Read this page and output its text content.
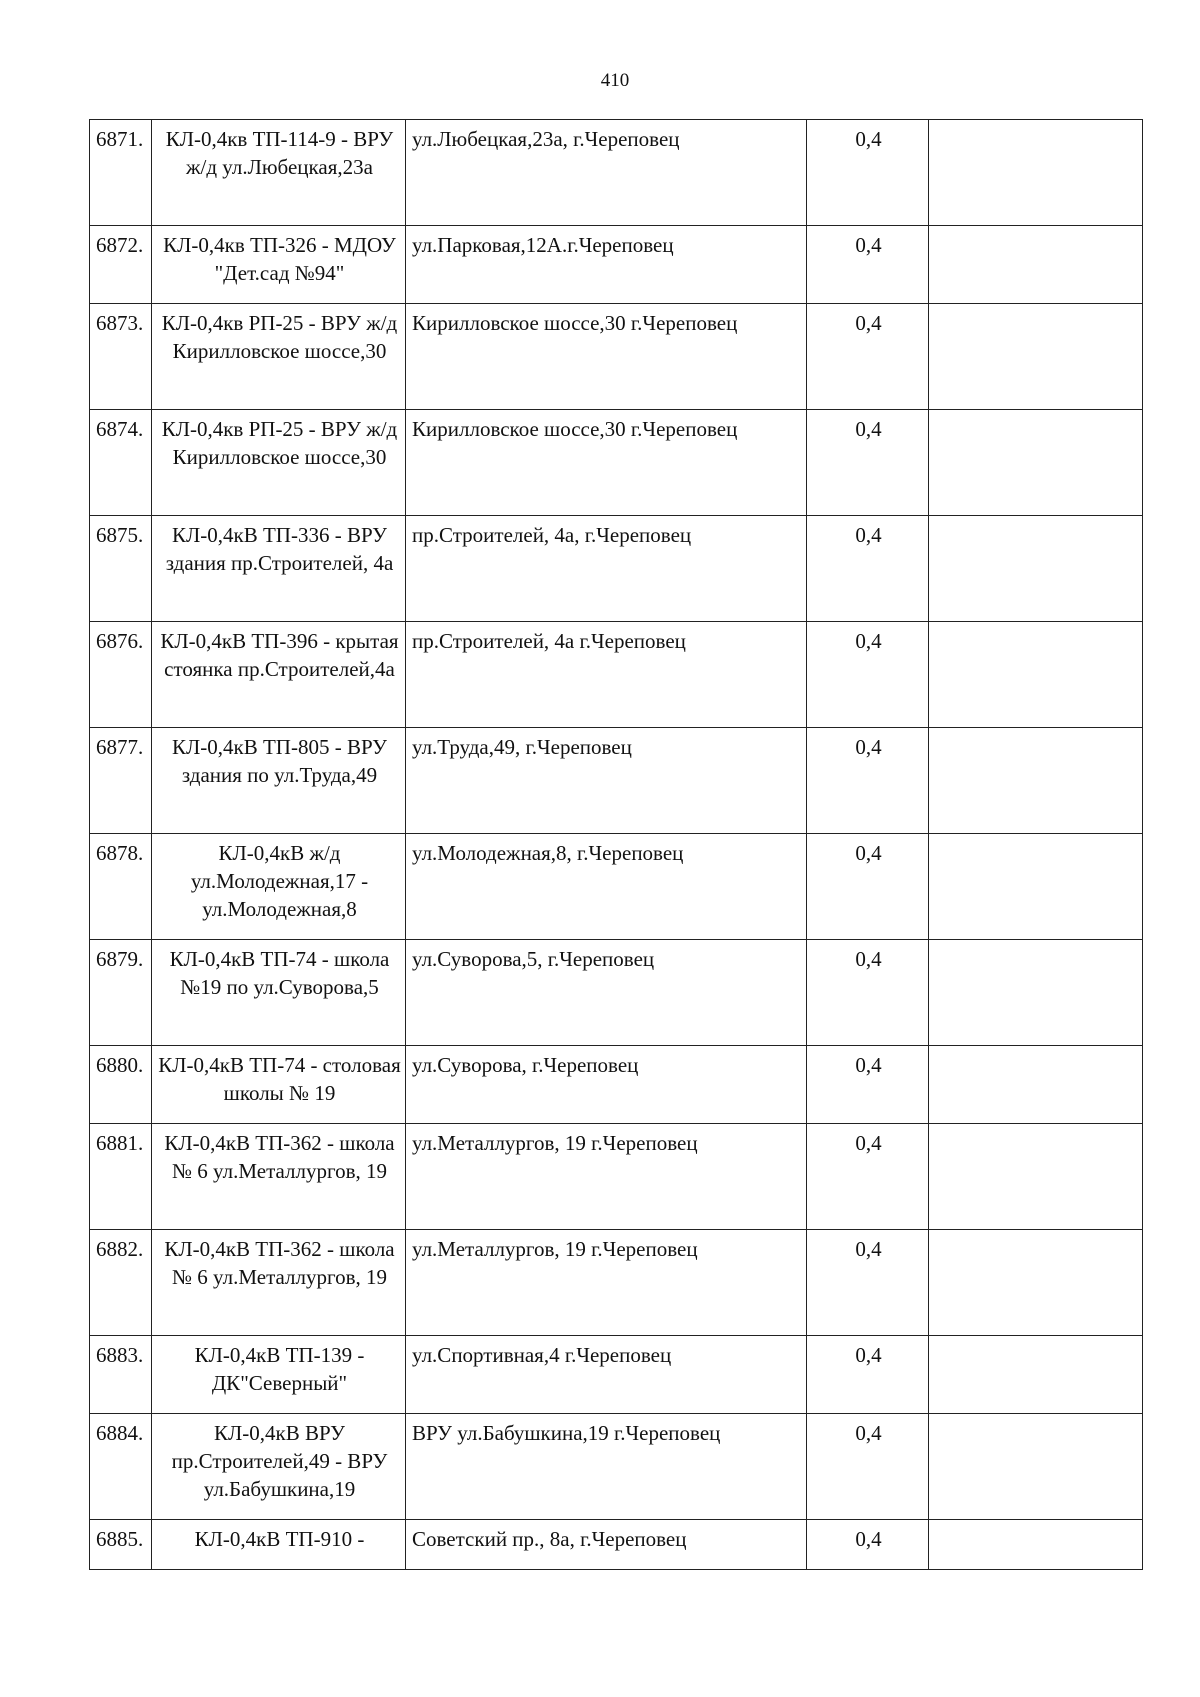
410
6871.	КЛ-0,4кв ТП-114-9 - ВРУ ж/д ул.Любецкая,23а	ул.Любецкая,23а, г.Череповец	0,4	
6872.	КЛ-0,4кв ТП-326 - МДОУ "Дет.сад №94"	ул.Парковая,12А.г.Череповец	0,4	
6873.	КЛ-0,4кв РП-25 - ВРУ ж/д Кирилловское шоссе,30	Кирилловское шоссе,30 г.Череповец	0,4	
6874.	КЛ-0,4кв РП-25 - ВРУ ж/д Кирилловское шоссе,30	Кирилловское шоссе,30 г.Череповец	0,4	
6875.	КЛ-0,4кВ ТП-336 - ВРУ здания пр.Строителей, 4а	пр.Строителей, 4а, г.Череповец	0,4	
6876.	КЛ-0,4кВ ТП-396 - крытая стоянка пр.Строителей,4а	пр.Строителей, 4а г.Череповец	0,4	
6877.	КЛ-0,4кВ ТП-805 - ВРУ здания по ул.Труда,49	ул.Труда,49, г.Череповец	0,4	
6878.	КЛ-0,4кВ ж/д ул.Молодежная,17 - ул.Молодежная,8	ул.Молодежная,8, г.Череповец	0,4	
6879.	КЛ-0,4кВ ТП-74 - школа №19 по ул.Суворова,5	ул.Суворова,5, г.Череповец	0,4	
6880.	КЛ-0,4кВ ТП-74 - столовая школы № 19	ул.Суворова, г.Череповец	0,4	
6881.	КЛ-0,4кВ ТП-362 - школа № 6 ул.Металлургов, 19	ул.Металлургов, 19 г.Череповец	0,4	
6882.	КЛ-0,4кВ ТП-362 - школа № 6 ул.Металлургов, 19	ул.Металлургов, 19 г.Череповец	0,4	
6883.	КЛ-0,4кВ ТП-139 - ДК"Северный"	ул.Спортивная,4 г.Череповец	0,4	
6884.	КЛ-0,4кВ ВРУ пр.Строителей,49 - ВРУ ул.Бабушкина,19	ВРУ ул.Бабушкина,19 г.Череповец	0,4	
6885.	КЛ-0,4кВ ТП-910 -	Советский пр., 8а, г.Череповец	0,4	
